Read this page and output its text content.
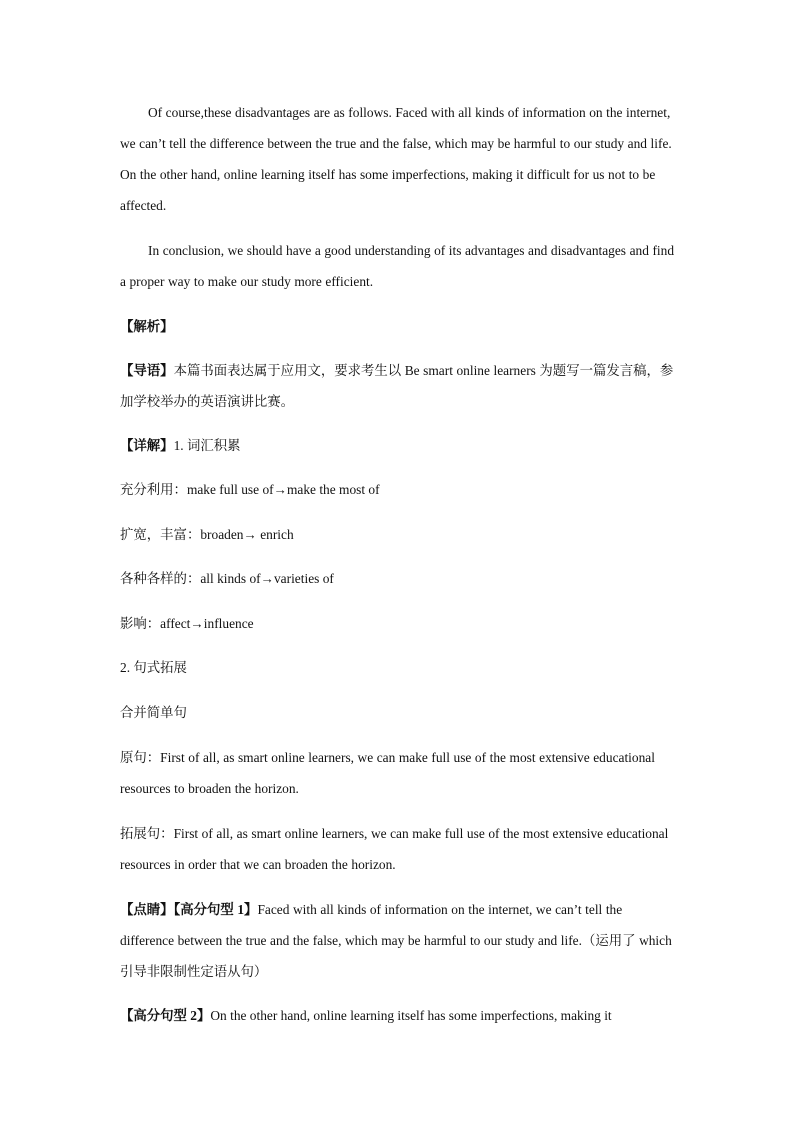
Of course,these disadvantages are as follows. Faced with all kinds of information on the internet, we can’t tell the difference between the true and the false, which may be harmful to our study and life. On the other hand, online learning itself has some imperfections, making it difficult for us not to be affected.

In conclusion, we should have a good understanding of its advantages and disadvantages and find a proper way to make our study more efficient.

【解析】

【导语】本篇书面表达属于应用文，要求考生以 Be smart online learners 为题写一篇发言稿，参加学校举办的英语演讲比赛。

【详解】1. 词汇积累

充分利用：make full use of→make the most of

扩宽，丰富：broaden→ enrich

各种各样的：all kinds of→varieties of

影响：affect→influence

2. 句式拓展

合并简单句

原句：First of all, as smart online learners, we can make full use of the most extensive educational resources to broaden the horizon.

拓展句：First of all, as smart online learners, we can make full use of the most extensive educational resources in order that we can broaden the horizon.

【点睛】【高分句型 1】Faced with all kinds of information on the internet, we can’t tell the difference between the true and the false, which may be harmful to our study and life.（运用了 which 引导非限制性定语从句）

【高分句型 2】On the other hand, online learning itself has some imperfections, making it
